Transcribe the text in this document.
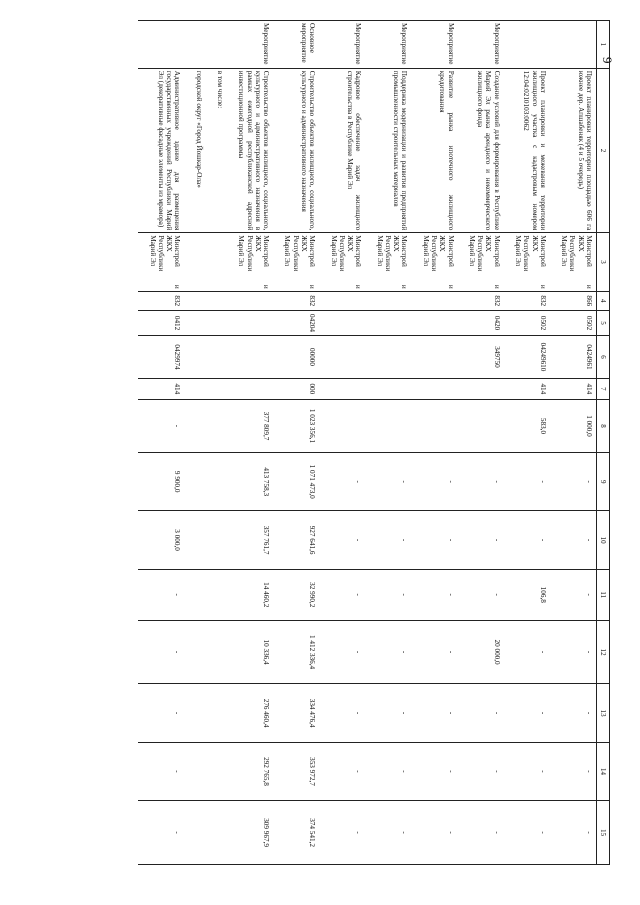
9
1	2	3	4	5	6	7	8	9	10	11	12	13	14	15
	Проект планировки территории площадью 606 га южнее дер. Апшабеняк (4 и 5 очередь)	Минстрой и ЖКХ Республики Марий Эл	866	0502	0424961	414	1 000,0	-	-	-	-	-	-	-
	Проект планировки и межевания территории жилищного участка с кадастровым номером 12:04:0210103:0062	Минстрой и ЖКХ Республики Марий Эл	832	0502	04249610	414	583,0	-	-	106,8	-	-	-	-
Мероприятие	Создание условий для формирования в Республике Марий Эл рынка арендного и некоммерческого жилищного фонда	Минстрой и ЖКХ Республики Марий Эл	832	0420	349750			-	-	-	20 000,0	-	-	-
Мероприятие	Развитие рынка ипотечного жилищного кредитования	Минстрой и ЖКХ Республики Марий Эл						-	-	-	-	-	-	-
Мероприятие	Поддержка модернизации и развития предприятий промышленности строительных материалов	Минстрой и ЖКХ Республики Марий Эл						-	-	-	-	-	-	-
Мероприятие	Кадровое обеспечение задач жилищного строительства в Республике Марий Эл	Минстрой и ЖКХ Республики Марий Эл						-	-	-	-	-	-	-
Основное мероприятие	Строительство объектов жилищного, социального, культурного и административного назначения	Минстрой и ЖКХ Республики Марий Эл	832	04204	00000	000	1 023 356,1	1 071 473,0	927 641,6	32 990,2	1 412 336,4	334 476,4	353 972,7	374 541,2
Мероприятие	Строительство объектов жилищного, социального, культурного и административного назначения в рамках ежегодной республиканской адресной инвестиционной программы	Минстрой и ЖКХ Республики Марий Эл					377 809,7	413 758,3	357 761,7	14 460,2	10 336,4	276 460,4	292 765,8	309 967,9
	в том числе:													
	городской округ «Город Йошкар-Ола»													
	Административное здание для размещения государственных учреждений Республики Марий Эл (декоративные фасадные элементы из мрамора)	Минстрой и ЖКХ Республики Марий Эл	832	0412	0429974	414	-	9 900,0	3 000,0	-	-	-	-	-
